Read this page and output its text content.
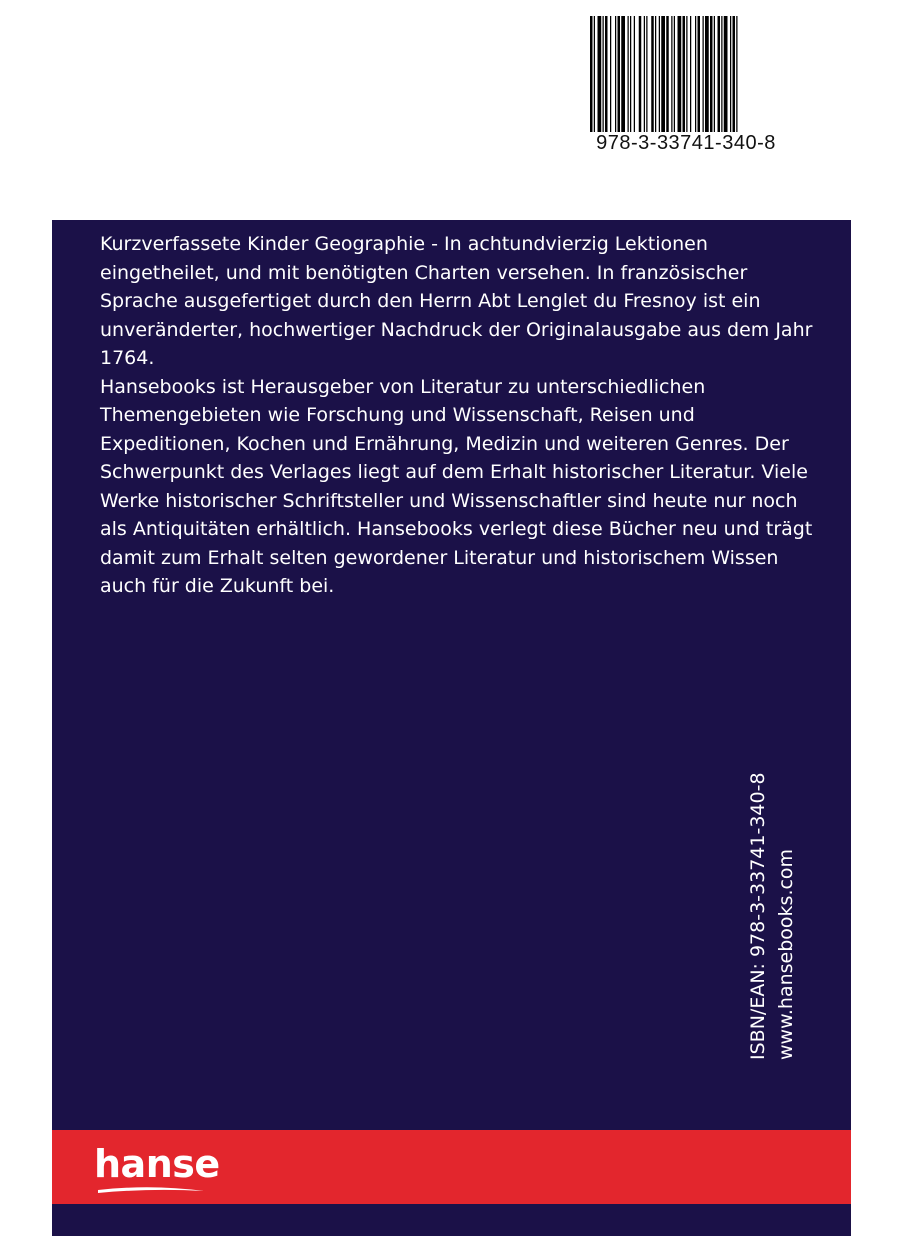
978-3-33741-340-8

Kurzverfassete Kinder Geographie - In achtundvierzig Lektionen eingetheilet, und mit benötigten Charten versehen. In französischer Sprache ausgefertiget durch den Herrn Abt Lenglet du Fresnoy ist ein unveränderter, hochwertiger Nachdruck der Originalausgabe aus dem Jahr 1764.

Hansebooks ist Herausgeber von Literatur zu unterschiedlichen Themengebieten wie Forschung und Wissenschaft, Reisen und Expeditionen, Kochen und Ernährung, Medizin und weiteren Genres. Der Schwerpunkt des Verlages liegt auf dem Erhalt historischer Literatur. Viele Werke historischer Schriftsteller und Wissenschaftler sind heute nur noch als Antiquitäten erhältlich. Hansebooks verlegt diese Bücher neu und trägt damit zum Erhalt selten gewordener Literatur und historischem Wissen auch für die Zukunft bei.

ISBN/EAN: 978-3-33741-340-8 www.hansebooks.com
hanse
